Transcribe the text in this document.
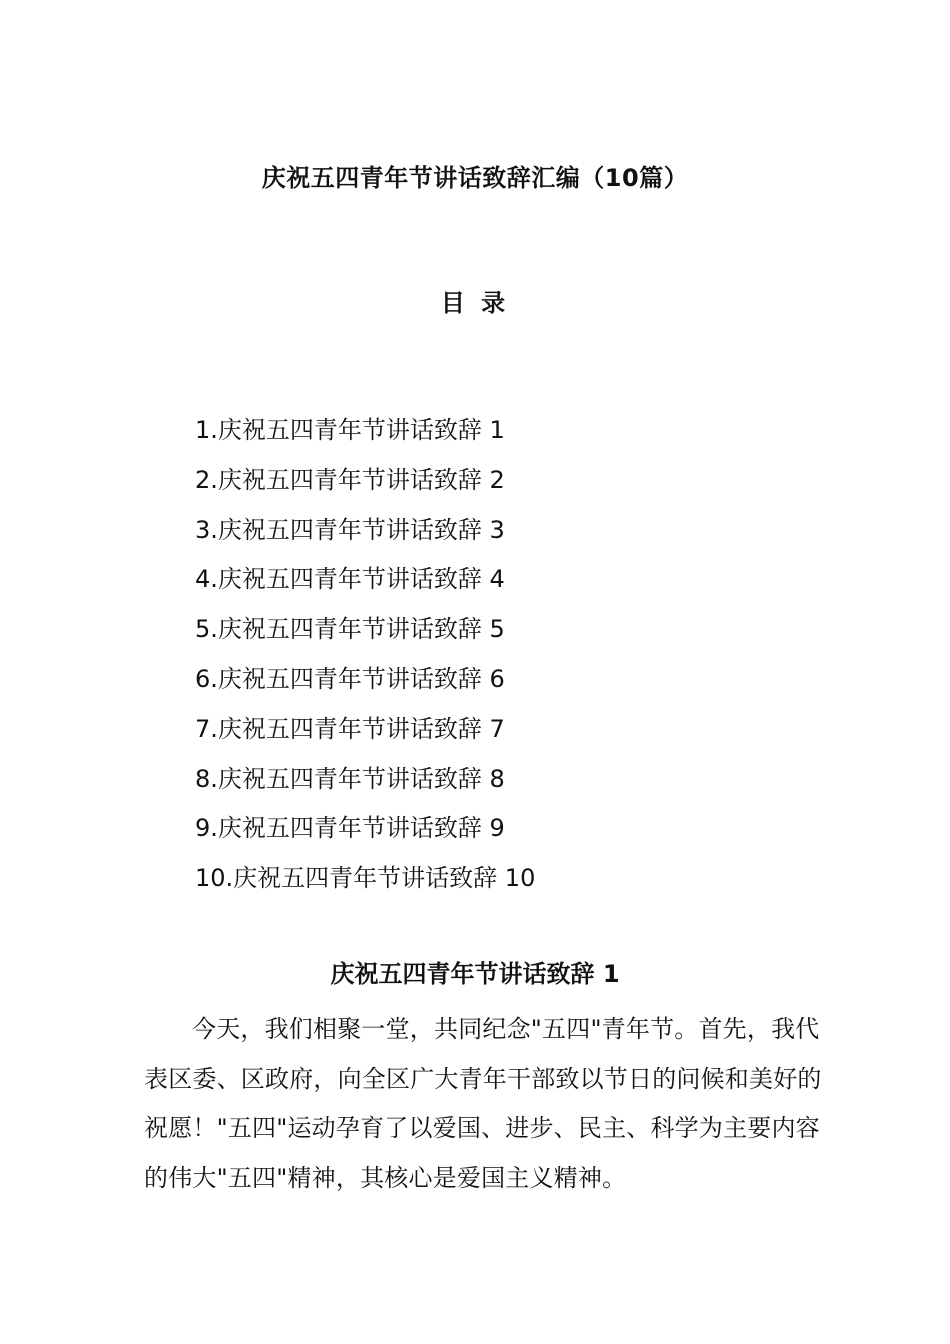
庆祝五四青年节讲话致辞汇编（10篇）
目 录
1.庆祝五四青年节讲话致辞 1
2.庆祝五四青年节讲话致辞 2
3.庆祝五四青年节讲话致辞 3
4.庆祝五四青年节讲话致辞 4
5.庆祝五四青年节讲话致辞 5
6.庆祝五四青年节讲话致辞 6
7.庆祝五四青年节讲话致辞 7
8.庆祝五四青年节讲话致辞 8
9.庆祝五四青年节讲话致辞 9
10.庆祝五四青年节讲话致辞 10
庆祝五四青年节讲话致辞 1

今天，我们相聚一堂，共同纪念"五四"青年节。首先，我代表区委、区政府，向全区广大青年干部致以节日的问候和美好的祝愿！"五四"运动孕育了以爱国、进步、民主、科学为主要内容的伟大"五四"精神，其核心是爱国主义精神。
